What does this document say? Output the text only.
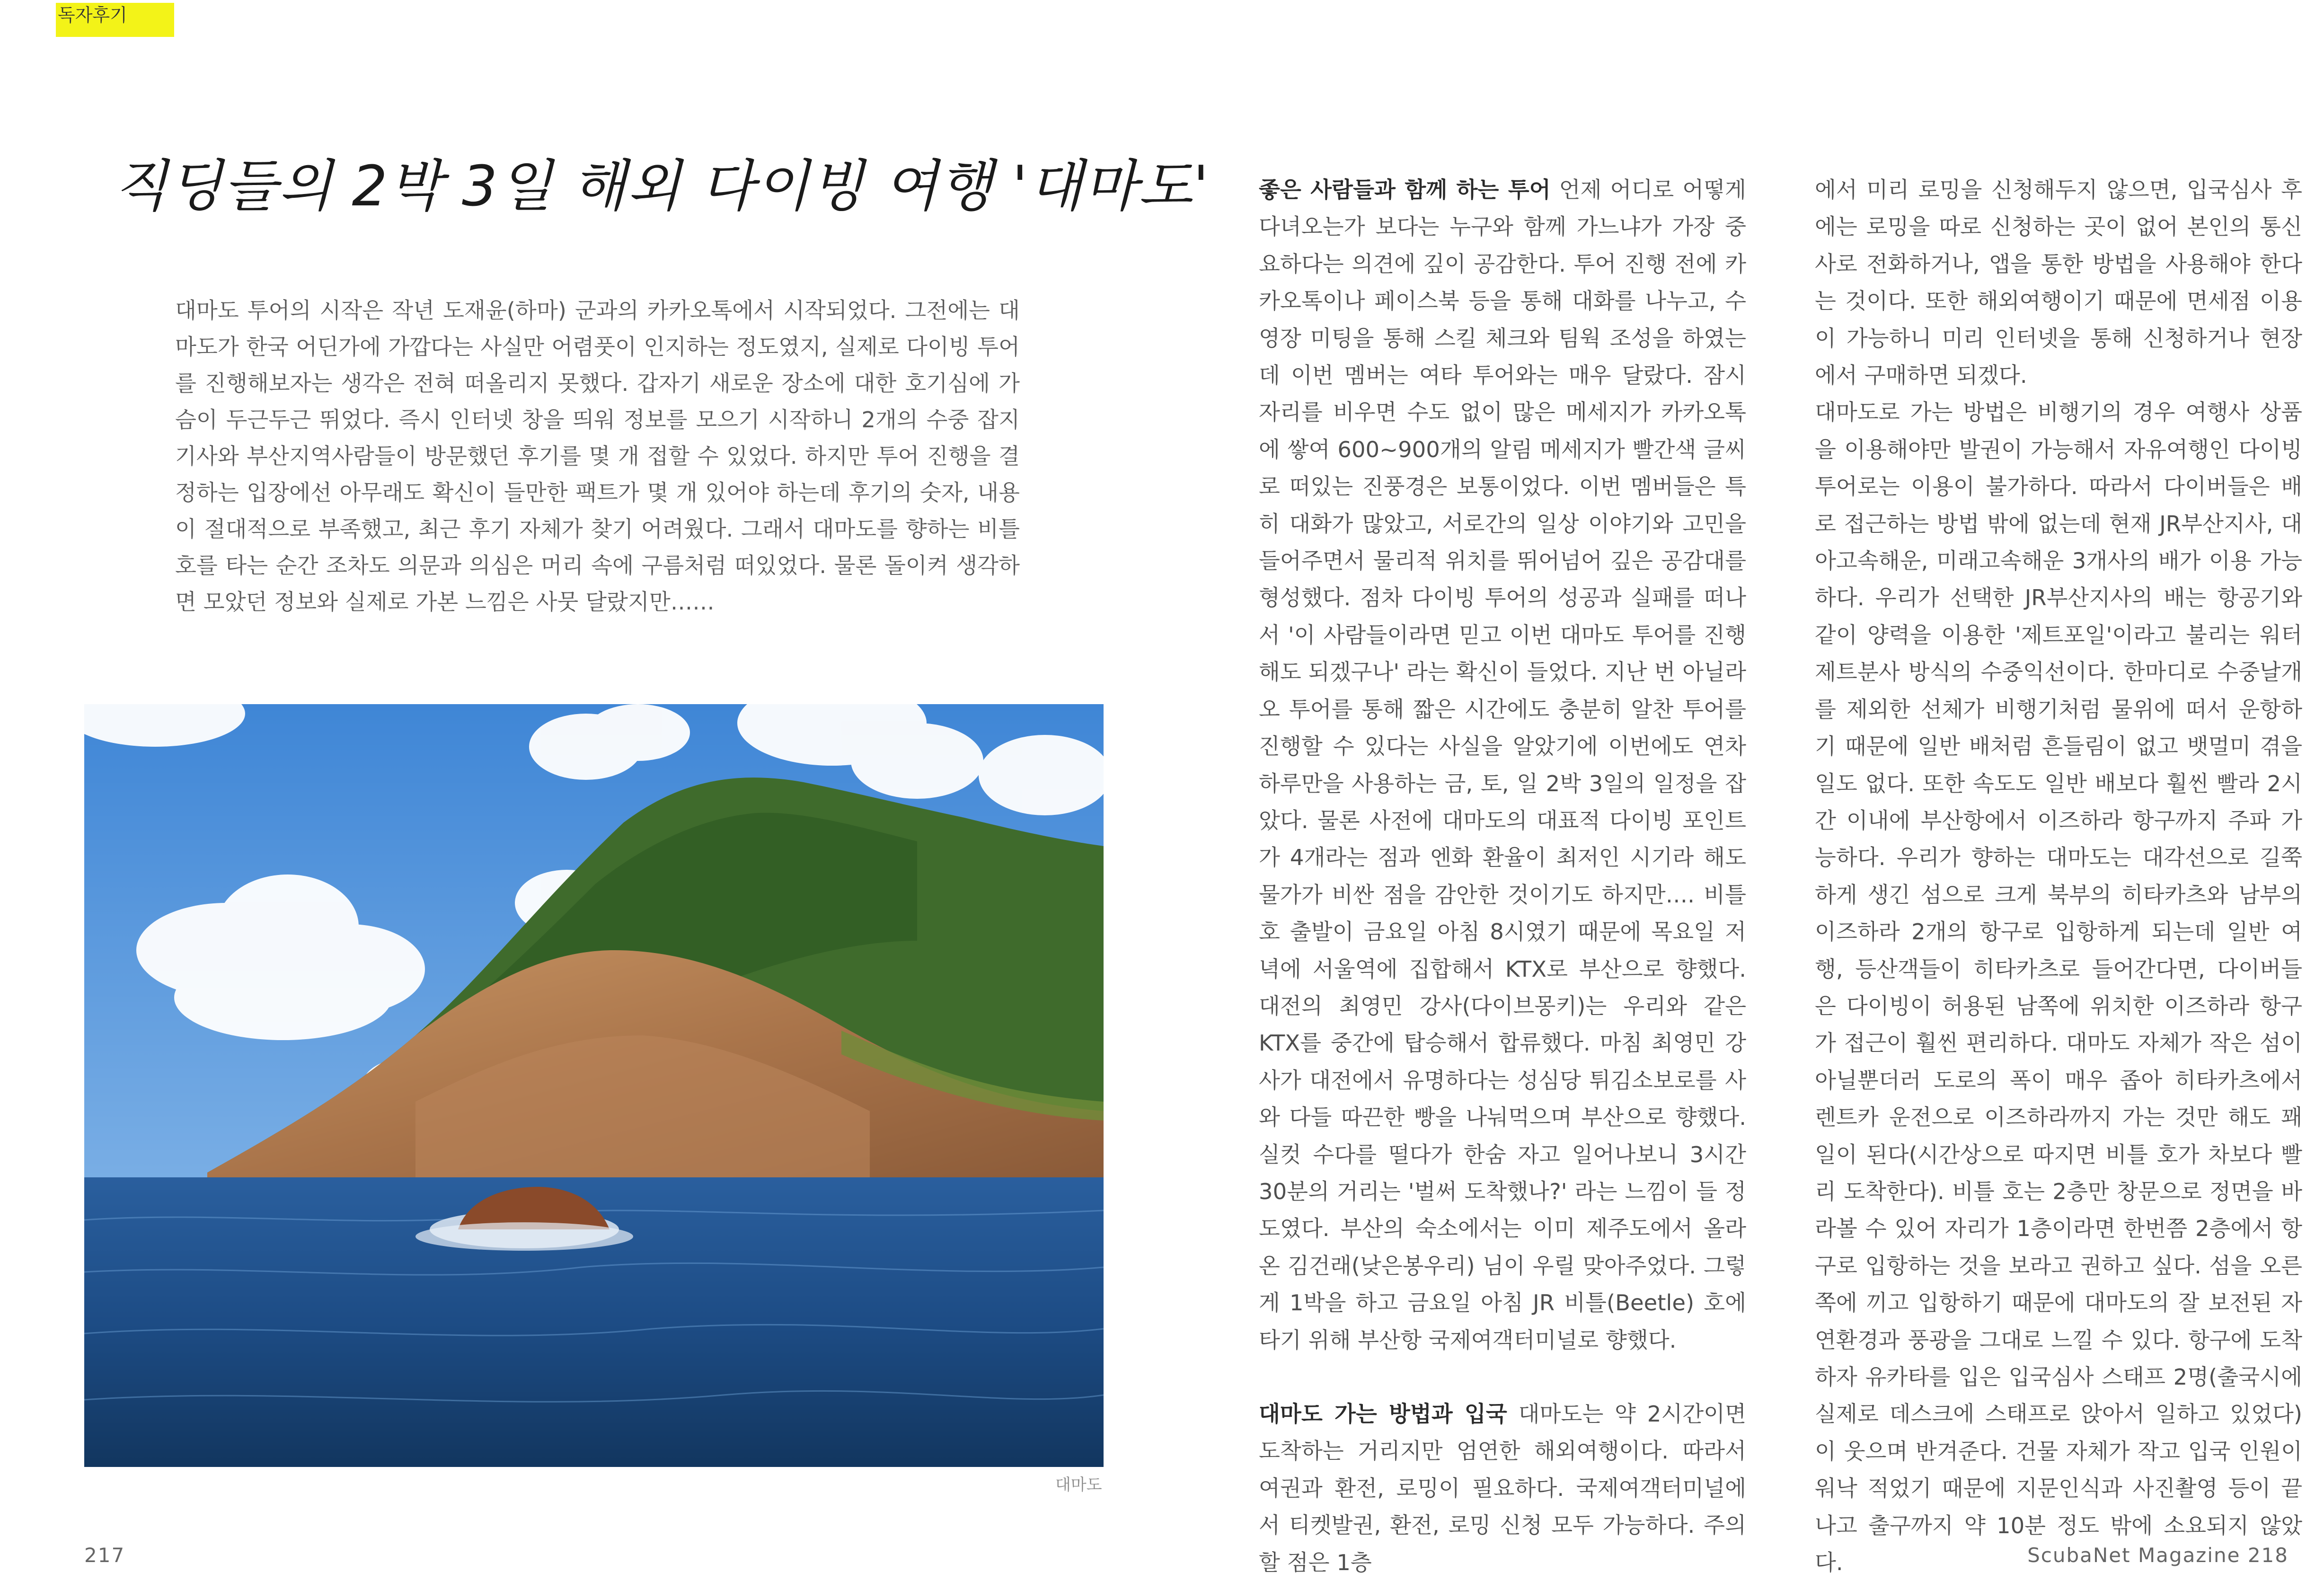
독자후기
직딩들의 2박 3일 해외 다이빙 여행 '대마도'
대마도 투어의 시작은 작년 도재윤(하마) 군과의 카카오톡에서 시작되었다. 그전에는 대마도가 한국 어딘가에 가깝다는 사실만 어렴풋이 인지하는 정도였지, 실제로 다이빙 투어를 진행해보자는 생각은 전혀 떠올리지 못했다. 갑자기 새로운 장소에 대한 호기심에 가슴이 두근두근 뛰었다. 즉시 인터넷 창을 띄워 정보를 모으기 시작하니 2개의 수중 잡지기사와 부산지역사람들이 방문했던 후기를 몇 개 접할 수 있었다. 하지만 투어 진행을 결정하는 입장에선 아무래도 확신이 들만한 팩트가 몇 개 있어야 하는데 후기의 숫자, 내용이 절대적으로 부족했고, 최근 후기 자체가 찾기 어려웠다. 그래서 대마도를 향하는 비틀 호를 타는 순간 조차도 의문과 의심은 머리 속에 구름처럼 떠있었다. 물론 돌이켜 생각하면 모았던 정보와 실제로 가본 느낌은 사뭇 달랐지만……
대마도

좋은 사람들과 함께 하는 투어 언제 어디로 어떻게 다녀오는가 보다는 누구와 함께 가느냐가 가장 중요하다는 의견에 깊이 공감한다. 투어 진행 전에 카카오톡이나 페이스북 등을 통해 대화를 나누고, 수영장 미팅을 통해 스킬 체크와 팀웍 조성을 하였는데 이번 멤버는 여타 투어와는 매우 달랐다. 잠시 자리를 비우면 수도 없이 많은 메세지가 카카오톡에 쌓여 600~900개의 알림 메세지가 빨간색 글씨로 떠있는 진풍경은 보통이었다. 이번 멤버들은 특히 대화가 많았고, 서로간의 일상 이야기와 고민을 들어주면서 물리적 위치를 뛰어넘어 깊은 공감대를 형성했다. 점차 다이빙 투어의 성공과 실패를 떠나서 '이 사람들이라면 믿고 이번 대마도 투어를 진행해도 되겠구나' 라는 확신이 들었다. 지난 번 아닐라오 투어를 통해 짧은 시간에도 충분히 알찬 투어를 진행할 수 있다는 사실을 알았기에 이번에도 연차 하루만을 사용하는 금, 토, 일 2박 3일의 일정을 잡았다. 물론 사전에 대마도의 대표적 다이빙 포인트가 4개라는 점과 엔화 환율이 최저인 시기라 해도 물가가 비싼 점을 감안한 것이기도 하지만…. 비틀 호 출발이 금요일 아침 8시였기 때문에 목요일 저녁에 서울역에 집합해서 KTX로 부산으로 향했다. 대전의 최영민 강사(다이브몽키)는 우리와 같은 KTX를 중간에 탑승해서 합류했다. 마침 최영민 강사가 대전에서 유명하다는 성심당 튀김소보로를 사와 다들 따끈한 빵을 나눠먹으며 부산으로 향했다. 실컷 수다를 떨다가 한숨 자고 일어나보니 3시간 30분의 거리는 '벌써 도착했나?' 라는 느낌이 들 정도였다. 부산의 숙소에서는 이미 제주도에서 올라온 김건래(낮은봉우리) 님이 우릴 맞아주었다. 그렇게 1박을 하고 금요일 아침 JR 비틀(Beetle) 호에 타기 위해 부산항 국제여객터미널로 향했다.

대마도 가는 방법과 입국 대마도는 약 2시간이면 도착하는 거리지만 엄연한 해외여행이다. 따라서 여권과 환전, 로밍이 필요하다. 국제여객터미널에서 티켓발권, 환전, 로밍 신청 모두 가능하다. 주의할 점은 1층

에서 미리 로밍을 신청해두지 않으면, 입국심사 후에는 로밍을 따로 신청하는 곳이 없어 본인의 통신사로 전화하거나, 앱을 통한 방법을 사용해야 한다는 것이다. 또한 해외여행이기 때문에 면세점 이용이 가능하니 미리 인터넷을 통해 신청하거나 현장에서 구매하면 되겠다.

대마도로 가는 방법은 비행기의 경우 여행사 상품을 이용해야만 발권이 가능해서 자유여행인 다이빙 투어로는 이용이 불가하다. 따라서 다이버들은 배로 접근하는 방법 밖에 없는데 현재 JR부산지사, 대아고속해운, 미래고속해운 3개사의 배가 이용 가능하다. 우리가 선택한 JR부산지사의 배는 항공기와 같이 양력을 이용한 '제트포일'이라고 불리는 워터제트분사 방식의 수중익선이다. 한마디로 수중날개를 제외한 선체가 비행기처럼 물위에 떠서 운항하기 때문에 일반 배처럼 흔들림이 없고 뱃멀미 겪을 일도 없다. 또한 속도도 일반 배보다 훨씬 빨라 2시간 이내에 부산항에서 이즈하라 항구까지 주파 가능하다. 우리가 향하는 대마도는 대각선으로 길쭉하게 생긴 섬으로 크게 북부의 히타카츠와 남부의 이즈하라 2개의 항구로 입항하게 되는데 일반 여행, 등산객들이 히타카츠로 들어간다면, 다이버들은 다이빙이 허용된 남쪽에 위치한 이즈하라 항구가 접근이 훨씬 편리하다. 대마도 자체가 작은 섬이 아닐뿐더러 도로의 폭이 매우 좁아 히타카츠에서 렌트카 운전으로 이즈하라까지 가는 것만 해도 꽤 일이 된다(시간상으로 따지면 비틀 호가 차보다 빨리 도착한다). 비틀 호는 2층만 창문으로 정면을 바라볼 수 있어 자리가 1층이라면 한번쯤 2층에서 항구로 입항하는 것을 보라고 권하고 싶다. 섬을 오른쪽에 끼고 입항하기 때문에 대마도의 잘 보전된 자연환경과 풍광을 그대로 느낄 수 있다. 항구에 도착하자 유카타를 입은 입국심사 스태프 2명(출국시에 실제로 데스크에 스태프로 앉아서 일하고 있었다)이 웃으며 반겨준다. 건물 자체가 작고 입국 인원이 워낙 적었기 때문에 지문인식과 사진촬영 등이 끝나고 출구까지 약 10분 정도 밖에 소요되지 않았다.

217	ScubaNet Magazine 218
